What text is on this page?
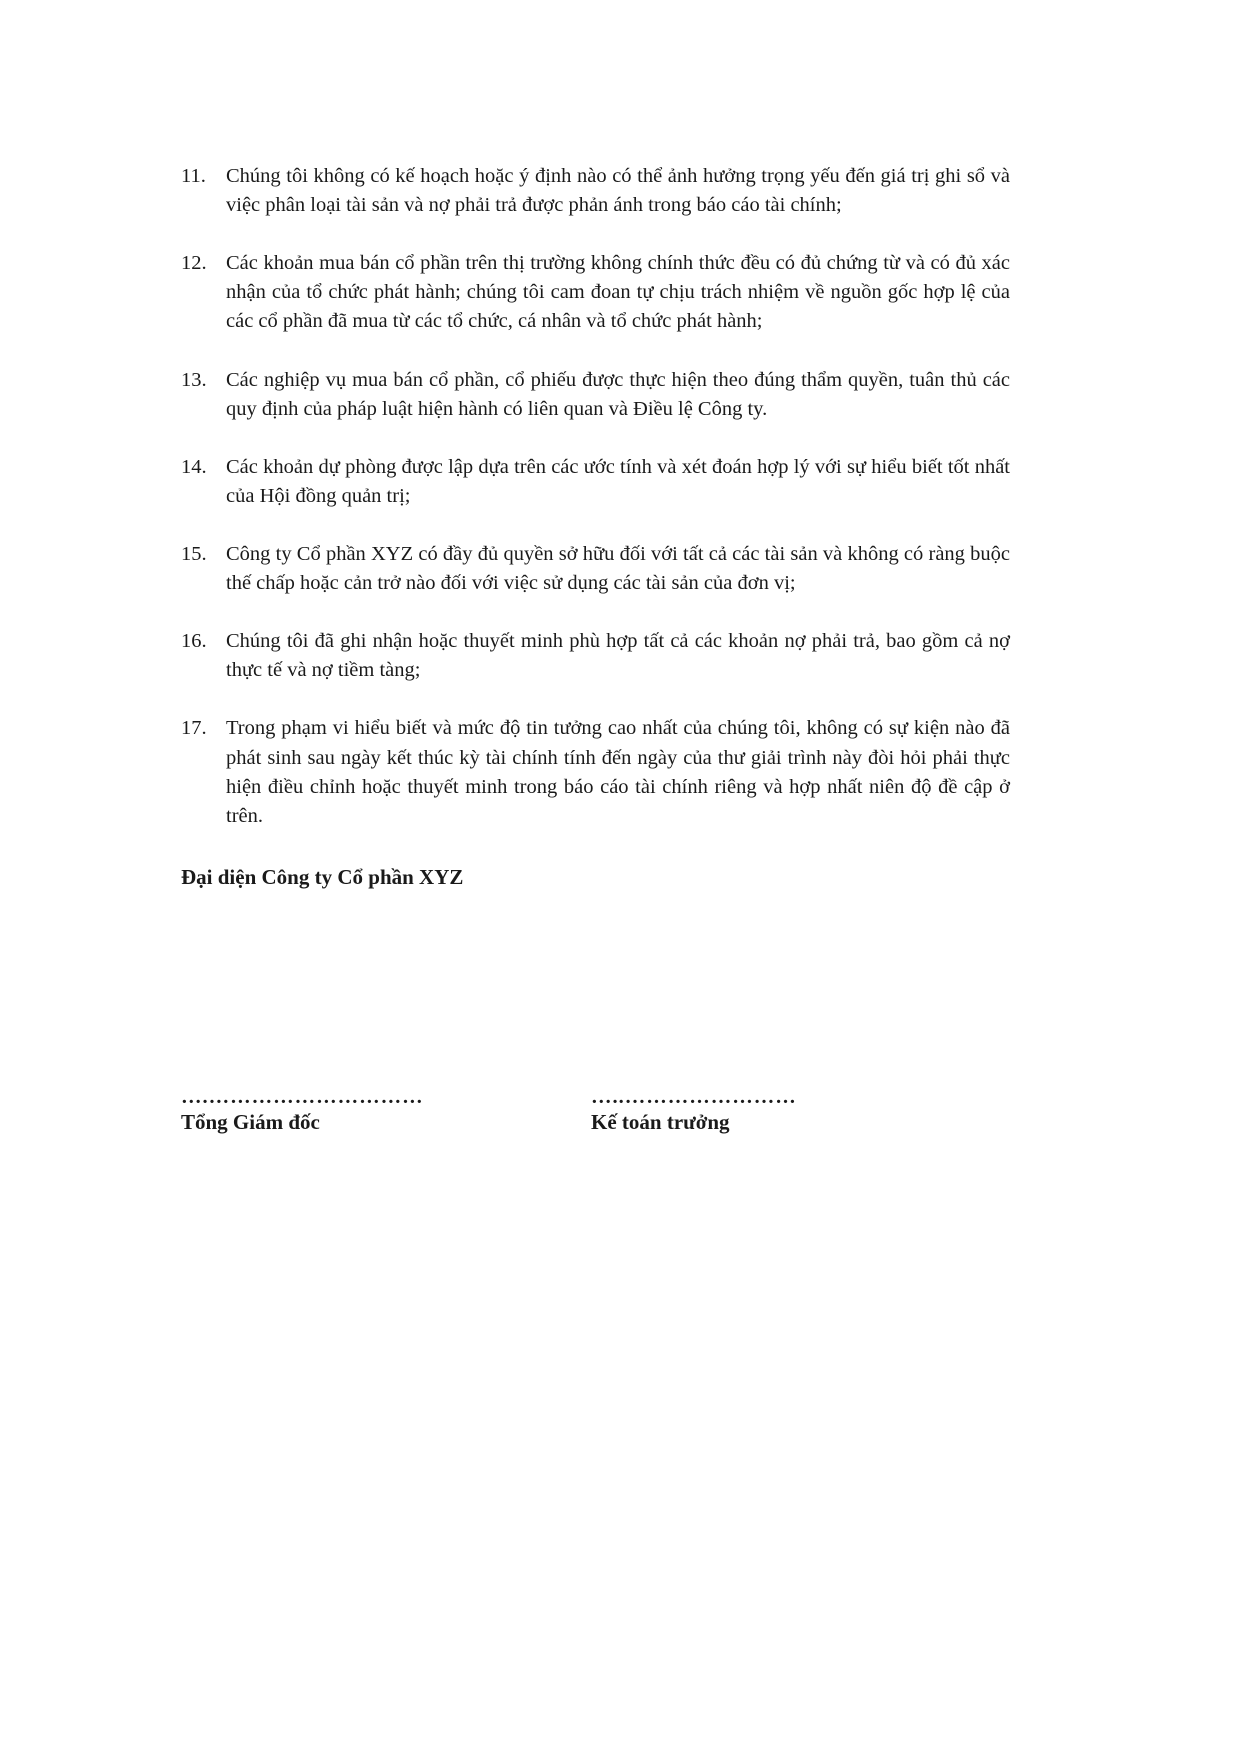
11. Chúng tôi không có kế hoạch hoặc ý định nào có thể ảnh hưởng trọng yếu đến giá trị ghi sổ và việc phân loại tài sản và nợ phải trả được phản ánh trong báo cáo tài chính;
12. Các khoản mua bán cổ phần trên thị trường không chính thức đều có đủ chứng từ và có đủ xác nhận của tổ chức phát hành; chúng tôi cam đoan tự chịu trách nhiệm về nguồn gốc hợp lệ của các cổ phần đã mua từ các tổ chức, cá nhân và tổ chức phát hành;
13. Các nghiệp vụ mua bán cổ phần, cổ phiếu được thực hiện theo đúng thẩm quyền, tuân thủ các quy định của pháp luật hiện hành có liên quan và Điều lệ Công ty.
14. Các khoản dự phòng được lập dựa trên các ước tính và xét đoán hợp lý với sự hiểu biết tốt nhất của Hội đồng quản trị;
15. Công ty Cổ phần XYZ có đầy đủ quyền sở hữu đối với tất cả các tài sản và không có ràng buộc thế chấp hoặc cản trở nào đối với việc sử dụng các tài sản của đơn vị;
16. Chúng tôi đã ghi nhận hoặc thuyết minh phù hợp tất cả các khoản nợ phải trả, bao gồm cả nợ thực tế và nợ tiềm tàng;
17. Trong phạm vi hiểu biết và mức độ tin tưởng cao nhất của chúng tôi, không có sự kiện nào đã phát sinh sau ngày kết thúc kỳ tài chính tính đến ngày của thư giải trình này đòi hỏi phải thực hiện điều chỉnh hoặc thuyết minh trong báo cáo tài chính riêng và hợp nhất niên độ đề cập ở trên.
Đại diện Công ty Cổ phần XYZ
….…………………………
Tổng Giám đốc
…..……………………
Kế toán trưởng
